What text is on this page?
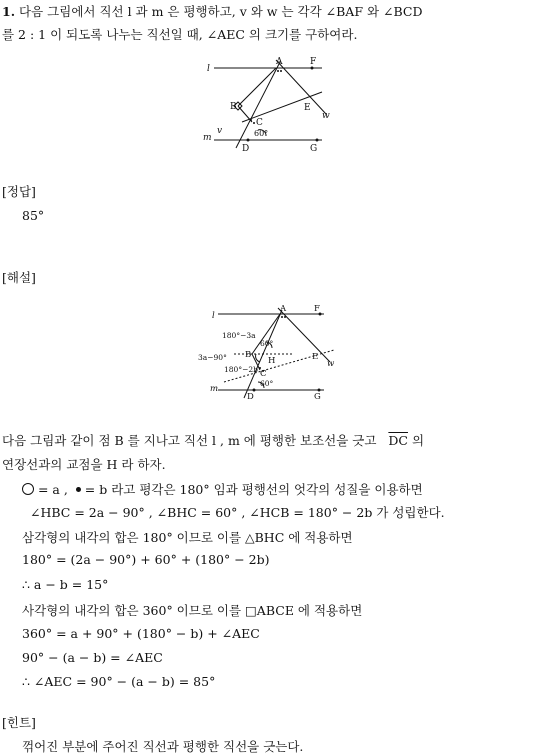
1. 다음 그림에서 직선 l 과 m 은 평행하고, v 와 w 는 각각 ∠BAF 와 ∠BCD
를 2 : 1 이 되도록 나누는 직선일 때, ∠AEC 의 크기를 구하여라.
l
A	F
B	E
w
C
v
m	60°
D	G
[정답]
85°
[해설]
l
A	F
180°−3a
60°
B
H	E
w
3a−90°
180°−2b C
m
60°
D	G
다음 그림과 같이 점 B 를 지나고 직선 l , m 에 평행한 보조선을 긋고 $\overline{DC}$ 의
연장선과의 교점을 H 라 하자.
= a , = b 라고 평각은 180° 임과 평행선의 엇각의 성질을 이용하면
∠HBC = 2a − 90° , ∠BHC = 60° , ∠HCB = 180° − 2b 가 성립한다.
삼각형의 내각의 합은 180° 이므로 이를 △BHC 에 적용하면
180° = (2a − 90°) + 60° + (180° − 2b)
∴ a − b = 15°
사각형의 내각의 합은 360° 이므로 이를 □ABCE 에 적용하면
360° = a + 90° + (180° − b) + ∠AEC
90° − (a − b) = ∠AEC
∴ ∠AEC = 90° − (a − b) = 85°
[힌트]
꺾어진 부분에 주어진 직선과 평행한 직선을 긋는다.
